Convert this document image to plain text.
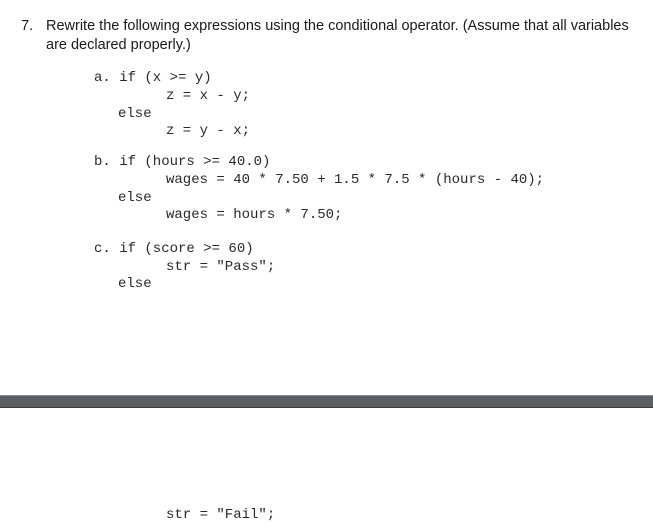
7. Rewrite the following expressions using the conditional operator. (Assume that all variables are declared properly.)
a. if (x >= y)
z = x - y;
else
z = y - x;
b. if (hours >= 40.0)
wages = 40 * 7.50 + 1.5 * 7.5 * (hours - 40);
else
wages = hours * 7.50;
c. if (score >= 60)
str = "Pass";
else
str = "Fail";
